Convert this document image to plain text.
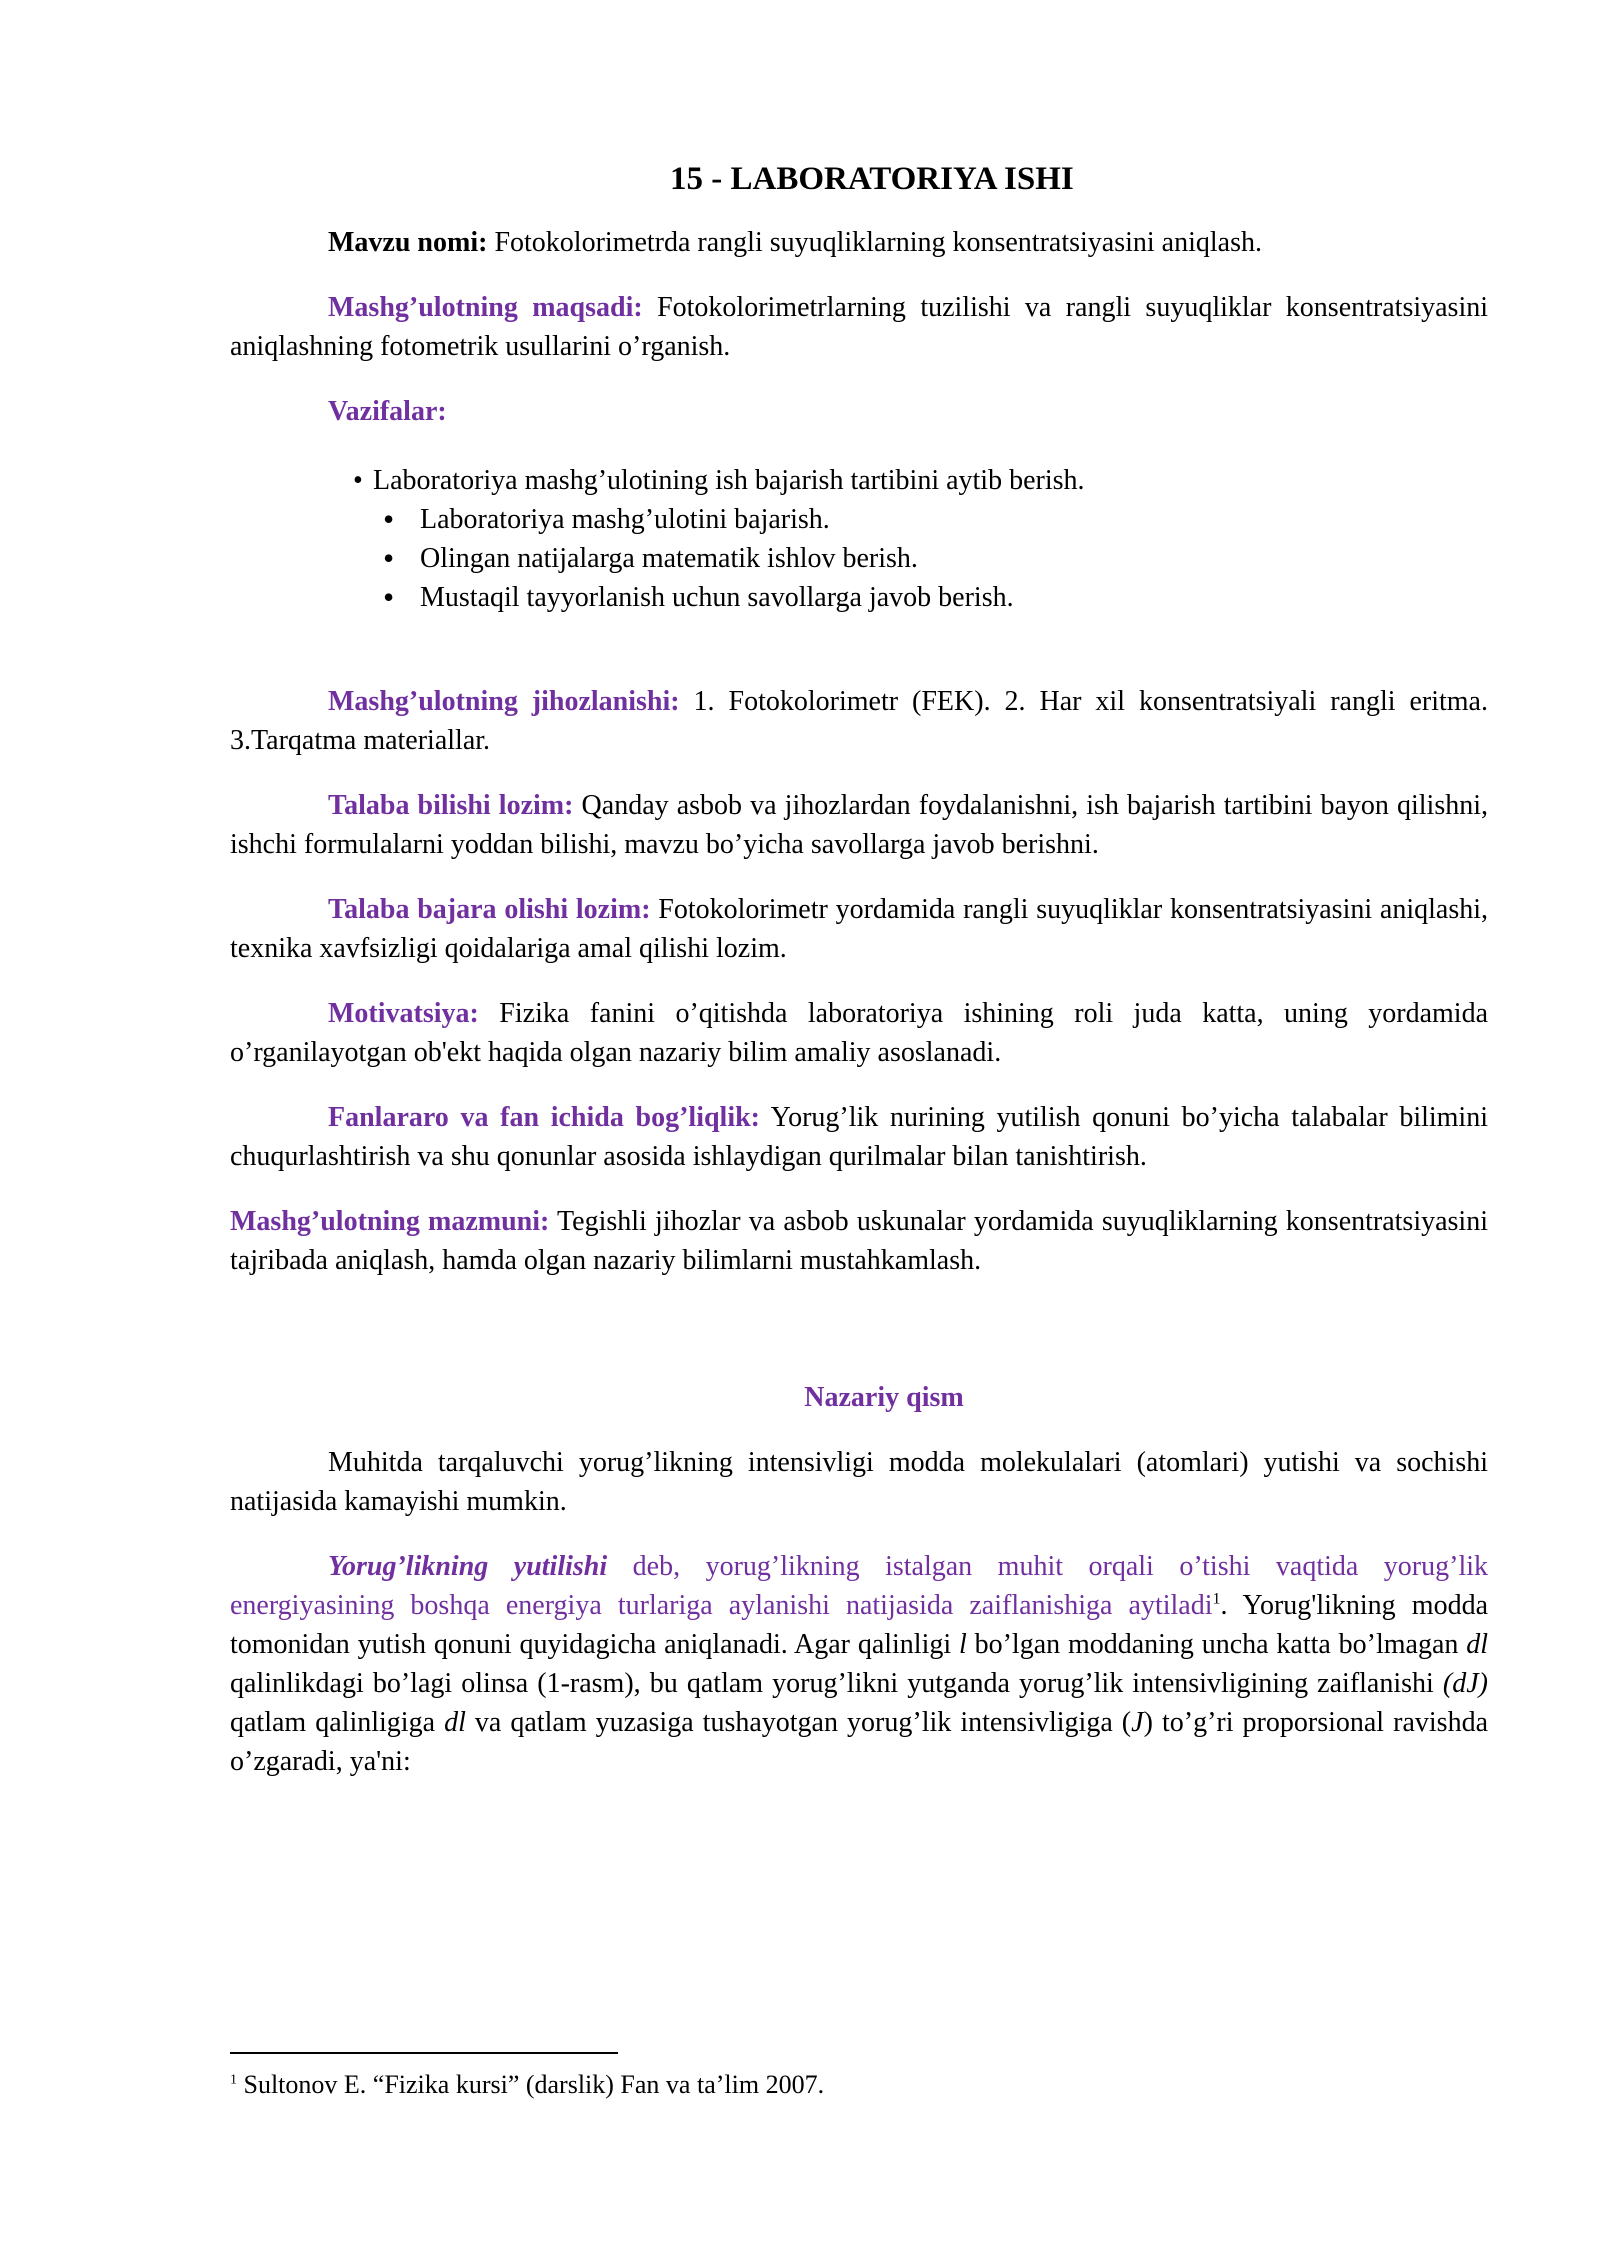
15 - LABORATORIYA ISHI

Mavzu nomi: Fotokolorimetrda rangli suyuqliklarning konsentratsiyasini aniqlash.

Mashg’ulotning maqsadi: Fotokolorimetrlarning tuzilishi va rangli suyuqliklar konsentratsiyasini aniqlashning fotometrik usullarini o’rganish.

Vazifalar:

• Laboratoriya mashg’ulotining ish bajarish tartibini aytib berish.
• Laboratoriya mashg’ulotini bajarish.
• Olingan natijalarga matematik ishlov berish.
• Mustaqil tayyorlanish uchun savollarga javob berish.

Mashg’ulotning jihozlanishi: 1. Fotokolorimetr (FEK). 2. Har xil konsentratsiyali rangli eritma. 3.Tarqatma materiallar.

Talaba bilishi lozim: Qanday asbob va jihozlardan foydalanishni, ish bajarish tartibini bayon qilishni, ishchi formulalarni yoddan bilishi, mavzu bo’yicha savollarga javob berishni.

Talaba bajara olishi lozim: Fotokolorimetr yordamida rangli suyuqliklar konsentratsiyasini aniqlashi, texnika xavfsizligi qoidalariga amal qilishi lozim.

Motivatsiya: Fizika fanini o’qitishda laboratoriya ishining roli juda katta, uning yordamida o’rganilayotgan ob'ekt haqida olgan nazariy bilim amaliy asoslanadi.

Fanlararo va fan ichida bog’liqlik: Yorug’lik nurining yutilish qonuni bo’yicha talabalar bilimini chuqurlashtirish va shu qonunlar asosida ishlaydigan qurilmalar bilan tanishtirish.

Mashg’ulotning mazmuni: Tegishli jihozlar va asbob uskunalar yordamida suyuqliklarning konsentratsiyasini tajribada aniqlash, hamda olgan nazariy bilimlarni mustahkamlash.

Nazariy qism

Muhitda tarqaluvchi yorug’likning intensivligi modda molekulalari (atomlari) yutishi va sochishi natijasida kamayishi mumkin.

Yorug’likning yutilishi deb, yorug’likning istalgan muhit orqali o’tishi vaqtida yorug’lik energiyasining boshqa energiya turlariga aylanishi natijasida zaiflanishiga aytiladi$^1$. Yorug'likning modda tomonidan yutish qonuni quyidagicha aniqlanadi. Agar qalinligi l bo’lgan moddaning uncha katta bo’lmagan dl qalinlikdagi bo’lagi olinsa (1-rasm), bu qatlam yorug’likni yutganda yorug’lik intensivligining zaiflanishi (dJ) qatlam qalinligiga dl va qatlam yuzasiga tushayotgan yorug’lik intensivligiga (J) to’g’ri proporsional ravishda o’zgaradi, ya'ni:

$^1$ Sultonov E. “Fizika kursi” (darslik) Fan va ta’lim 2007.
